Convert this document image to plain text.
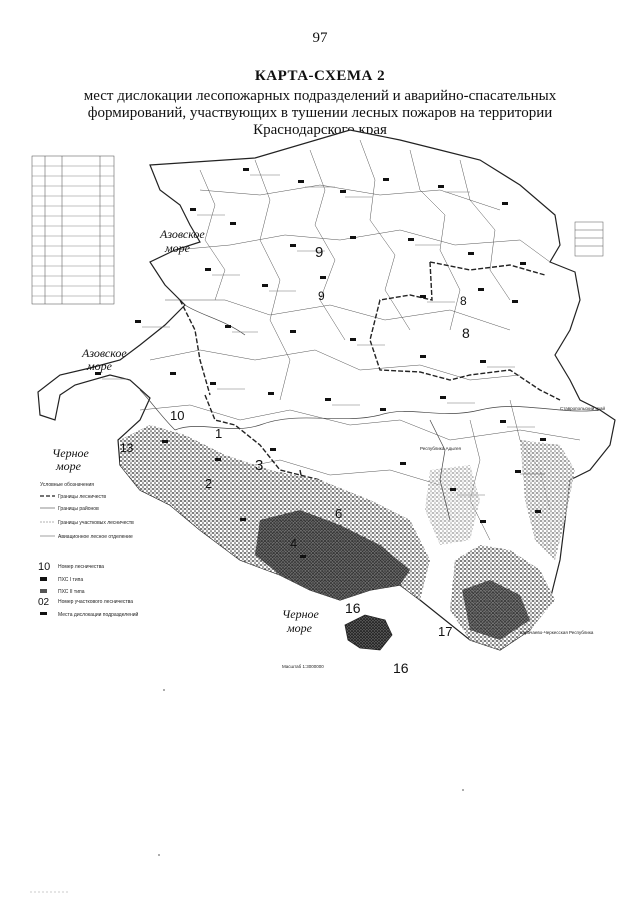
97
КАРТА-СХЕМА 2
мест дислокации лесопожарных подразделений и аварийно-спасательных формирований, участвующих в тушении лесных пожаров на территории Краснодарского края
Азовское
море
Азовское
море
Черное
море
Черное
море
Ставропольский край
Республика Адыгея
Карачаево-Черкесская Республика
9
9	8
8
10
13
1
3
2
6
4
16
16
17
Условные обозначения
Границы лесничеств
Границы районов
Границы участковых лесничеств
Авиационное лесное отделение
10 Номер лесничества
ПХС I типа
ПХС II типа
02 Номер участкового лесничества
Места дислокации подразделений
Масштаб 1:3000000
